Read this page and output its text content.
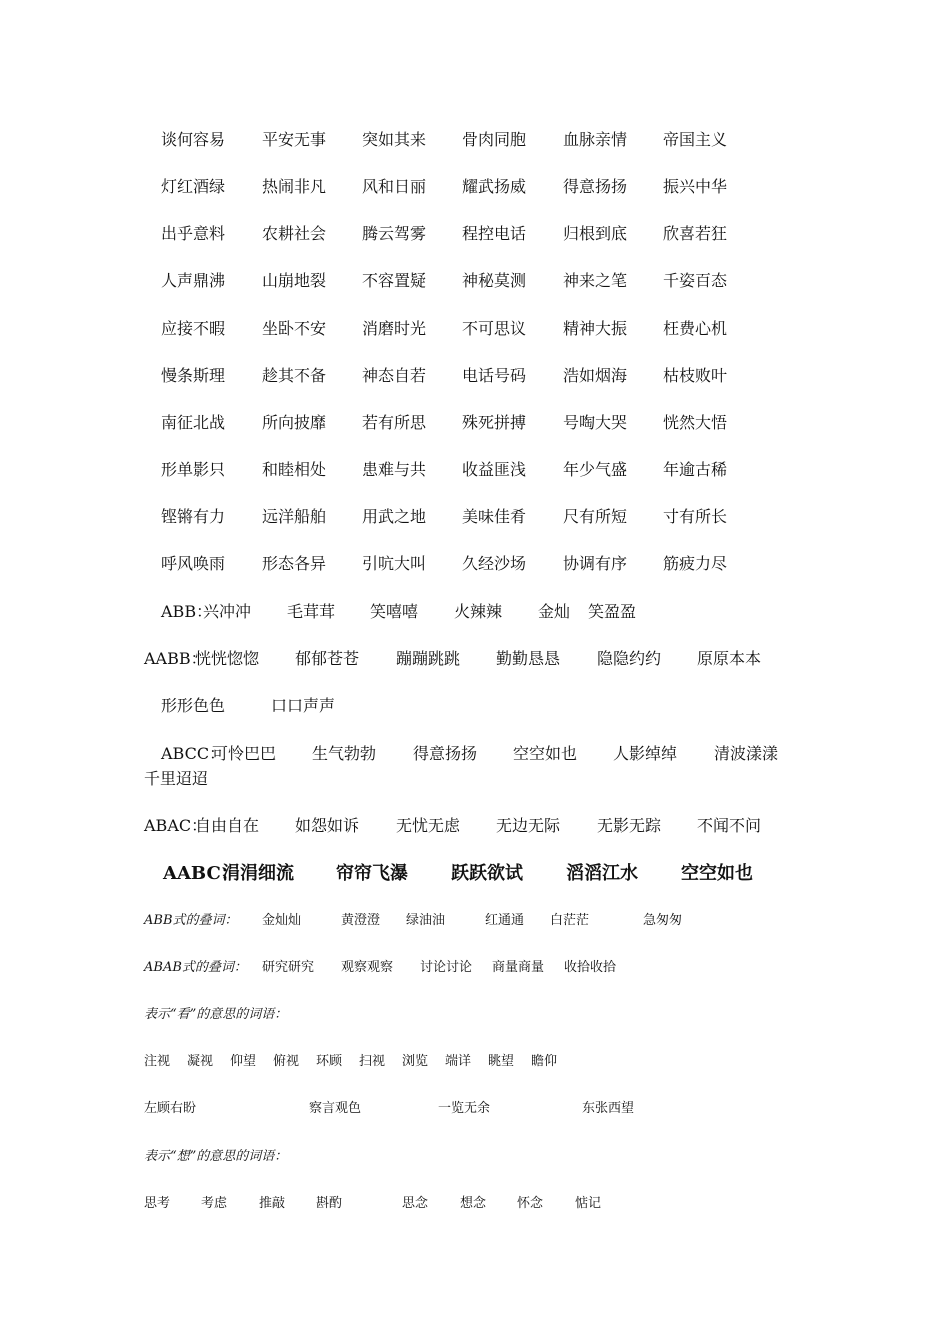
谈何容易 平安无事 突如其来 骨肉同胞 血脉亲情 帝国主义
灯红酒绿 热闹非凡 风和日丽 耀武扬威 得意扬扬 振兴中华
出乎意料 农耕社会 腾云驾雾 程控电话 归根到底 欣喜若狂
人声鼎沸 山崩地裂 不容置疑 神秘莫测 神来之笔 千姿百态
应接不暇 坐卧不安 消磨时光 不可思议 精神大振 枉费心机
慢条斯理 趁其不备 神态自若 电话号码 浩如烟海 枯枝败叶
南征北战 所向披靡 若有所思 殊死拼搏 号啕大哭 恍然大悟
形单影只 和睦相处 患难与共 收益匪浅 年少气盛 年逾古稀
铿锵有力 远洋船舶 用武之地 美味佳肴 尺有所短 寸有所长
呼风唤雨 形态各异 引吭大叫 久经沙场 协调有序 筋疲力尽
ABB：
兴冲冲 毛茸茸 笑嘻嘻 火辣辣 金灿 笑盈盈
AABB：
恍恍惚惚 郁郁苍苍 蹦蹦跳跳 勤勤恳恳 隐隐约约 原原本本
形形色色	口口声声
ABCC：
可怜巴巴 生气勃勃 得意扬扬 空空如也 人影绰绰 清波漾漾
千里迢迢
ABAC：
自由自在 如怨如诉 无忧无虑 无边无际 无影无踪 不闻不问
AABC：
涓涓细流 帘帘飞瀑 跃跃欲试 滔滔江水 空空如也
ABB式的叠词： 金灿灿	黄澄澄 绿油油	红通通 白茫茫	急匆匆
ABAB式的叠词： 研究研究 观察观察 讨论讨论 商量商量 收拾收拾
表示“看”的意思的词语：
注视 凝视 仰望 俯视 环顾 扫视 浏览 端详 眺望 瞻仰
左顾右盼	察言观色	一览无余	东张西望
表示“想”的意思的词语：
思考 考虑 推敲 斟酌	思念 想念 怀念 惦记
